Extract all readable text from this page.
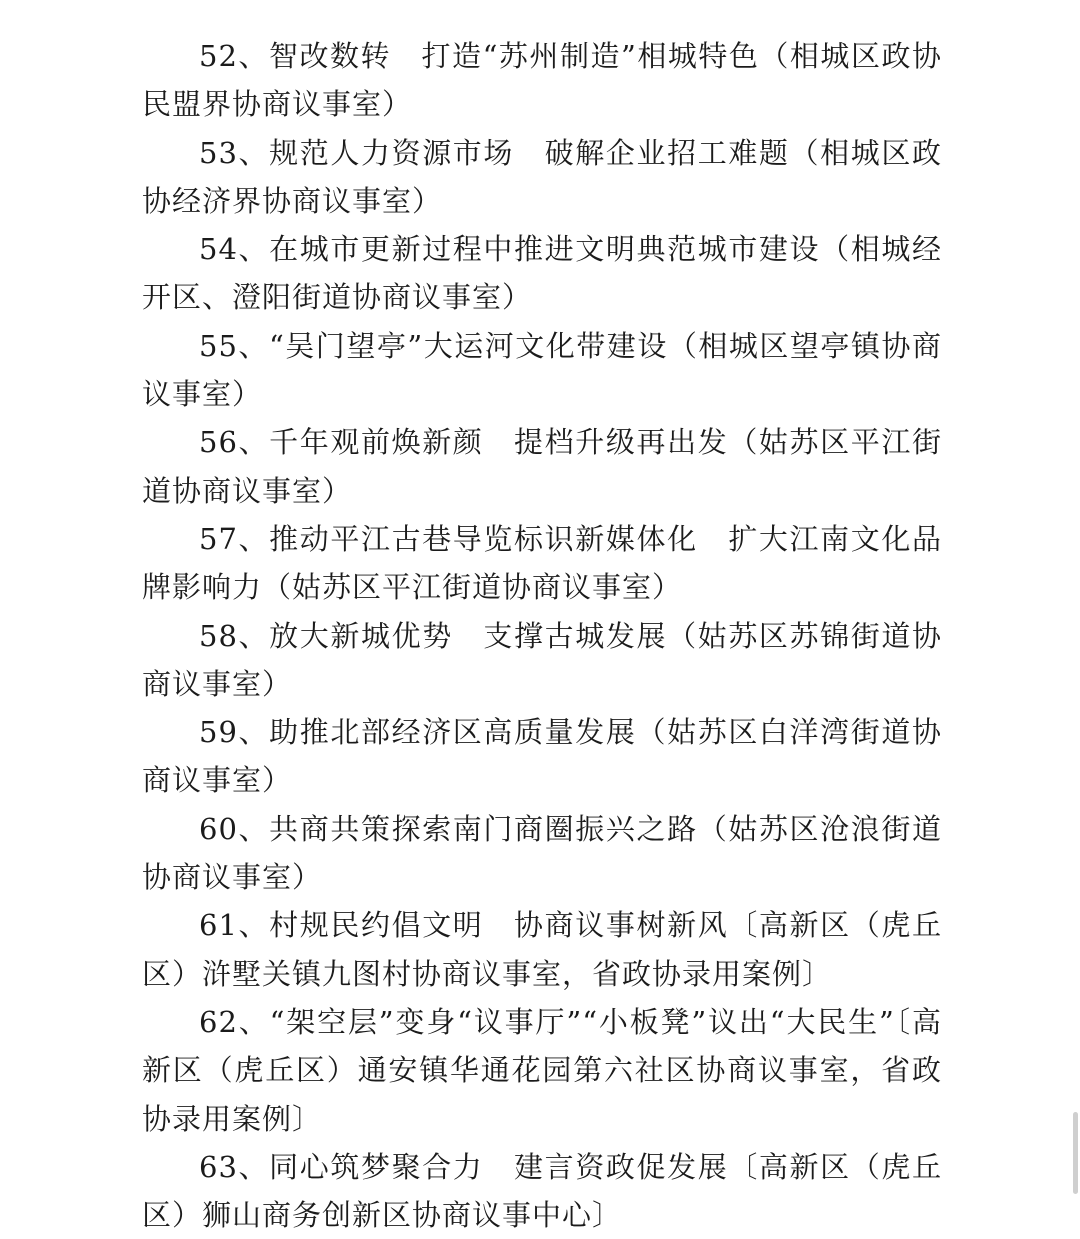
52、智改数转　打造“苏州制造”相城特色（相城区政协民盟界协商议事室）

53、规范人力资源市场　破解企业招工难题（相城区政协经济界协商议事室）

54、在城市更新过程中推进文明典范城市建设（相城经开区、澄阳街道协商议事室）

55、“吴门望亭”大运河文化带建设（相城区望亭镇协商议事室）

56、千年观前焕新颜　提档升级再出发（姑苏区平江街道协商议事室）

57、推动平江古巷导览标识新媒体化　扩大江南文化品牌影响力（姑苏区平江街道协商议事室）

58、放大新城优势　支撑古城发展（姑苏区苏锦街道协商议事室）

59、助推北部经济区高质量发展（姑苏区白洋湾街道协商议事室）

60、共商共策探索南门商圈振兴之路（姑苏区沧浪街道协商议事室）

61、村规民约倡文明　协商议事树新风〔高新区（虎丘区）浒墅关镇九图村协商议事室，省政协录用案例〕

62、“架空层”变身“议事厅”“小板凳”议出“大民生”〔高新区（虎丘区）通安镇华通花园第六社区协商议事室，省政协录用案例〕

63、同心筑梦聚合力　建言资政促发展〔高新区（虎丘区）狮山商务创新区协商议事中心〕
